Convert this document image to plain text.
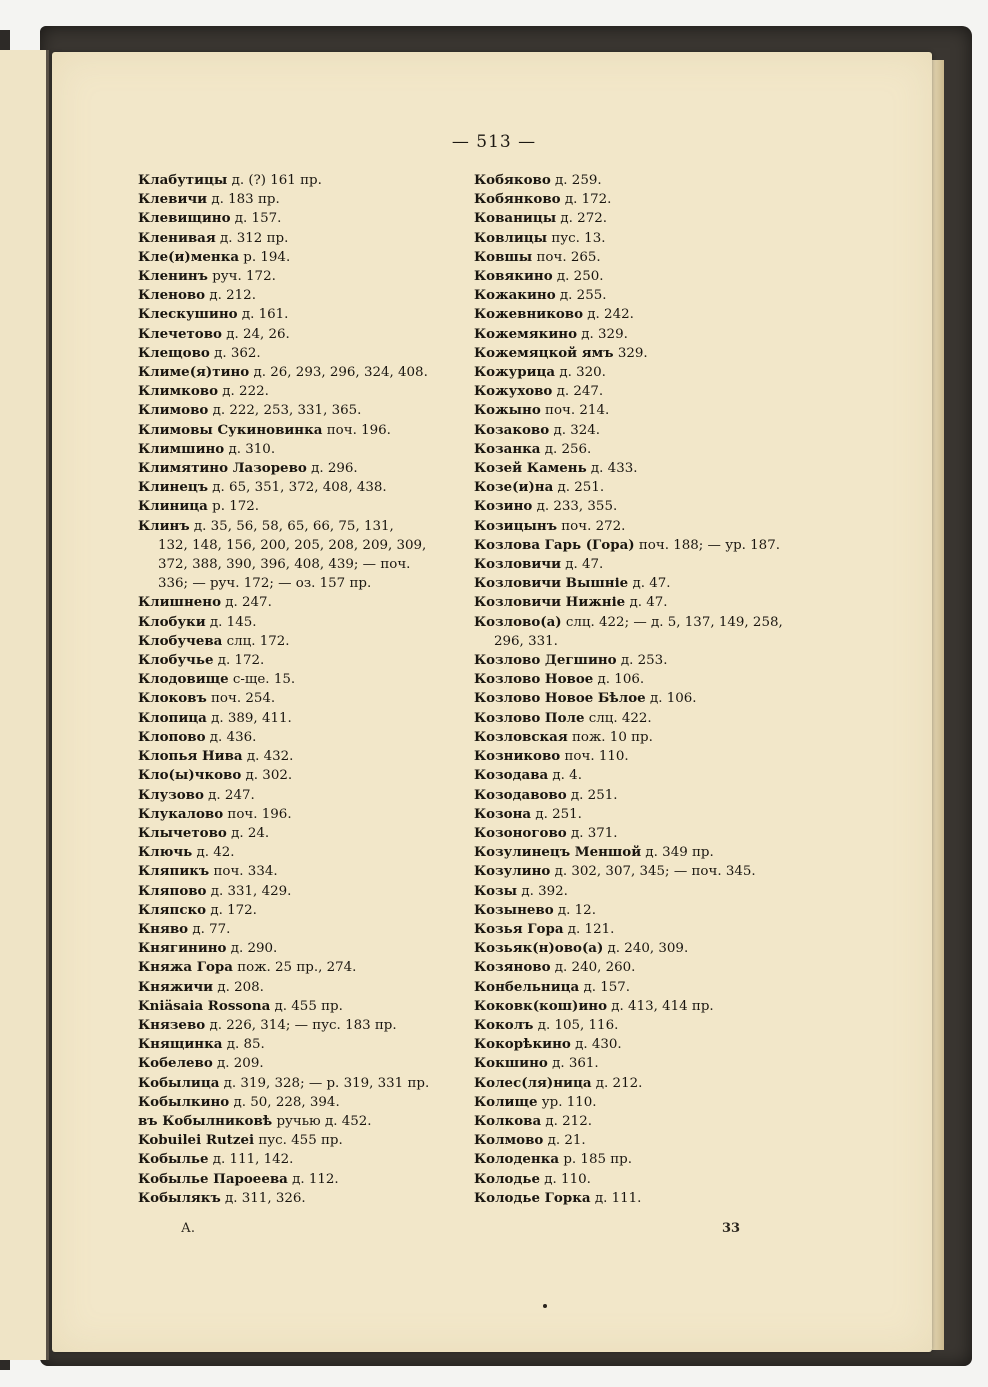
— 513 —
Клабутицы д. (?) 161 пр.
Клевичи д. 183 пр.
Клевищино д. 157.
Кленивая д. 312 пр.
Кле(и)менка р. 194.
Кленинъ руч. 172.
Кленово д. 212.
Клескушино д. 161.
Клечетово д. 24, 26.
Клещово д. 362.
Климе(я)тино д. 26, 293, 296, 324, 408.
Климково д. 222.
Климово д. 222, 253, 331, 365.
Климовы Сукиновинка поч. 196.
Климшино д. 310.
Климятино Лазорево д. 296.
Клинецъ д. 65, 351, 372, 408, 438.
Клиница р. 172.
Клинъ д. 35, 56, 58, 65, 66, 75, 131,
132, 148, 156, 200, 205, 208, 209, 309,
372, 388, 390, 396, 408, 439; — поч.
336; — руч. 172; — оз. 157 пр.
Клишнено д. 247.
Клобуки д. 145.
Клобучева слц. 172.
Клобучье д. 172.
Клодовище с-ще. 15.
Клоковъ поч. 254.
Клопица д. 389, 411.
Клопово д. 436.
Клопья Нива д. 432.
Кло(ы)чково д. 302.
Клузово д. 247.
Клукалово поч. 196.
Клычетово д. 24.
Ключь д. 42.
Кляпикъ поч. 334.
Кляпово д. 331, 429.
Кляпско д. 172.
Княво д. 77.
Княгинино д. 290.
Княжа Гора пож. 25 пр., 274.
Княжичи д. 208.
Kniäsaia Rossona д. 455 пр.
Князево д. 226, 314; — пус. 183 пр.
Княщинка д. 85.
Кобелево д. 209.
Кобылица д. 319, 328; — р. 319, 331 пр.
Кобылкино д. 50, 228, 394.
въ Кобылниковѣ ручью д. 452.
Kobuilei Rutzei пус. 455 пр.
Кобылье д. 111, 142.
Кобылье Пароеева д. 112.
Кобылякъ д. 311, 326.
Кобяково д. 259.
Кобянково д. 172.
Кованицы д. 272.
Ковлицы пус. 13.
Ковшы поч. 265.
Ковякино д. 250.
Кожакино д. 255.
Кожевниково д. 242.
Кожемякино д. 329.
Кожемяцкой ямъ 329.
Кожурица д. 320.
Кожухово д. 247.
Кожыно поч. 214.
Козаково д. 324.
Козанка д. 256.
Козей Камень д. 433.
Козе(и)на д. 251.
Козино д. 233, 355.
Козицынъ поч. 272.
Козлова Гарь (Гора) поч. 188; — ур. 187.
Козловичи д. 47.
Козловичи Вышніе д. 47.
Козловичи Нижніе д. 47.
Козлово(а) слц. 422; — д. 5, 137, 149, 258,
296, 331.
Козлово Дегшино д. 253.
Козлово Новое д. 106.
Козлово Новое Бѣлое д. 106.
Козлово Поле слц. 422.
Козловская пож. 10 пр.
Козниково поч. 110.
Козодава д. 4.
Козодавово д. 251.
Козона д. 251.
Козоногово д. 371.
Козулинецъ Меншой д. 349 пр.
Козулино д. 302, 307, 345; — поч. 345.
Козы д. 392.
Козынево д. 12.
Козья Гора д. 121.
Козьяк(н)ово(а) д. 240, 309.
Козяново д. 240, 260.
Конбельница д. 157.
Коковк(кош)ино д. 413, 414 пр.
Коколъ д. 105, 116.
Кокорѣкино д. 430.
Кокшино д. 361.
Колес(ля)ница д. 212.
Колище ур. 110.
Колкова д. 212.
Колмово д. 21.
Колоденка р. 185 пр.
Колодье д. 110.
Колодье Горка д. 111.
А.	33
